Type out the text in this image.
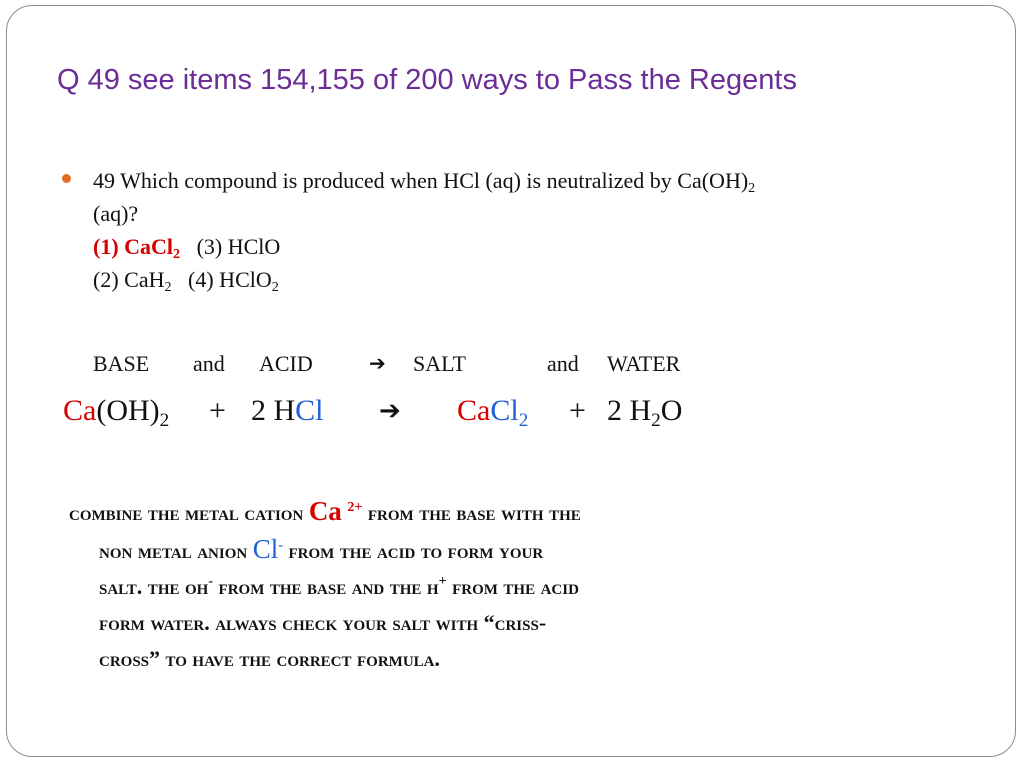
Q 49 see items 154,155 of 200 ways to Pass the Regents
49 Which compound is produced when HCl (aq) is neutralized by $Ca(OH)_2$
(aq)?
(1) CaCl$_2$ (3) HClO
(2) CaH$_2$ (4) HClO$_2$
BASE and ACID	➔ SALT	and WATER
$Ca(OH)_2 + 2$ HCl ➔ CaCl$_2$ + 2 $H_2O$
combine the metal cation Ca $^{2+}$ from the base with the
non metal anion Cl- from the acid to form your
salt. the oh- from the base and the h+ from the acid
form water. always check your salt with “criss-
cross” to have the correct formula.
